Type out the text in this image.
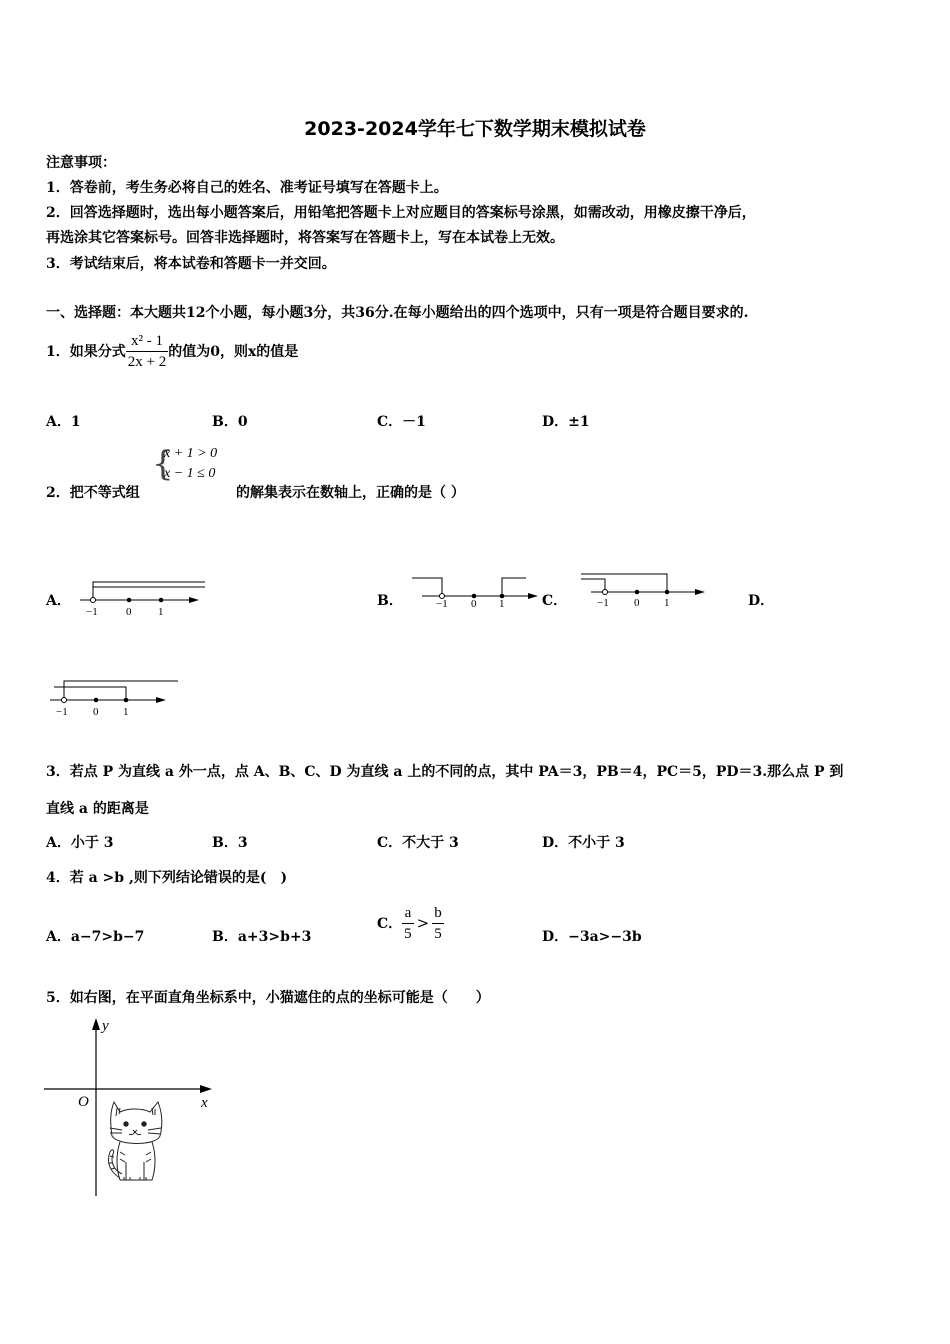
2023-2024学年七下数学期末模拟试卷
注意事项：
1．答卷前，考生务必将自己的姓名、准考证号填写在答题卡上。
2．回答选择题时，选出每小题答案后，用铅笔把答题卡上对应题目的答案标号涂黑，如需改动，用橡皮擦干净后，
再选涂其它答案标号。回答非选择题时，将答案写在答题卡上，写在本试卷上无效。
3．考试结束后，将本试卷和答题卡一并交回。
一、选择题：本大题共12个小题，每小题3分，共36分.在每小题给出的四个选项中，只有一项是符合题目要求的.
1．如果分式 $\frac{\text{x² - 1}}{2x + 2}$ 的值为0，则x的值是
A．1	B．0	C．－1	D．±1
2．把不等式组
{
x + 1 > 0
x − 1 ≤ 0
的解集表示在数轴上，正确的是（ ）
A．	B．	C．	D．
−1	0 1
−1 0 1	−1 0 1
−1 0 1
3．若点 P 为直线 a 外一点，点 A、B、C、D 为直线 a 上的不同的点，其中 PA＝3，PB＝4，PC＝5，PD＝3.那么点 P 到
直线 a 的距离是
A．小于 3	B．3	C．不大于 3	D．不小于 3
4．若 a >b ,则下列结论错误的是(　)
A．a−7>b−7	B．a+3>b+3
C． $\frac{a}{5} > \frac{b}{5}$	D．−3a>−3b
5．如右图，在平面直角坐标系中，小猫遮住的点的坐标可能是（　　）
y
x
O
